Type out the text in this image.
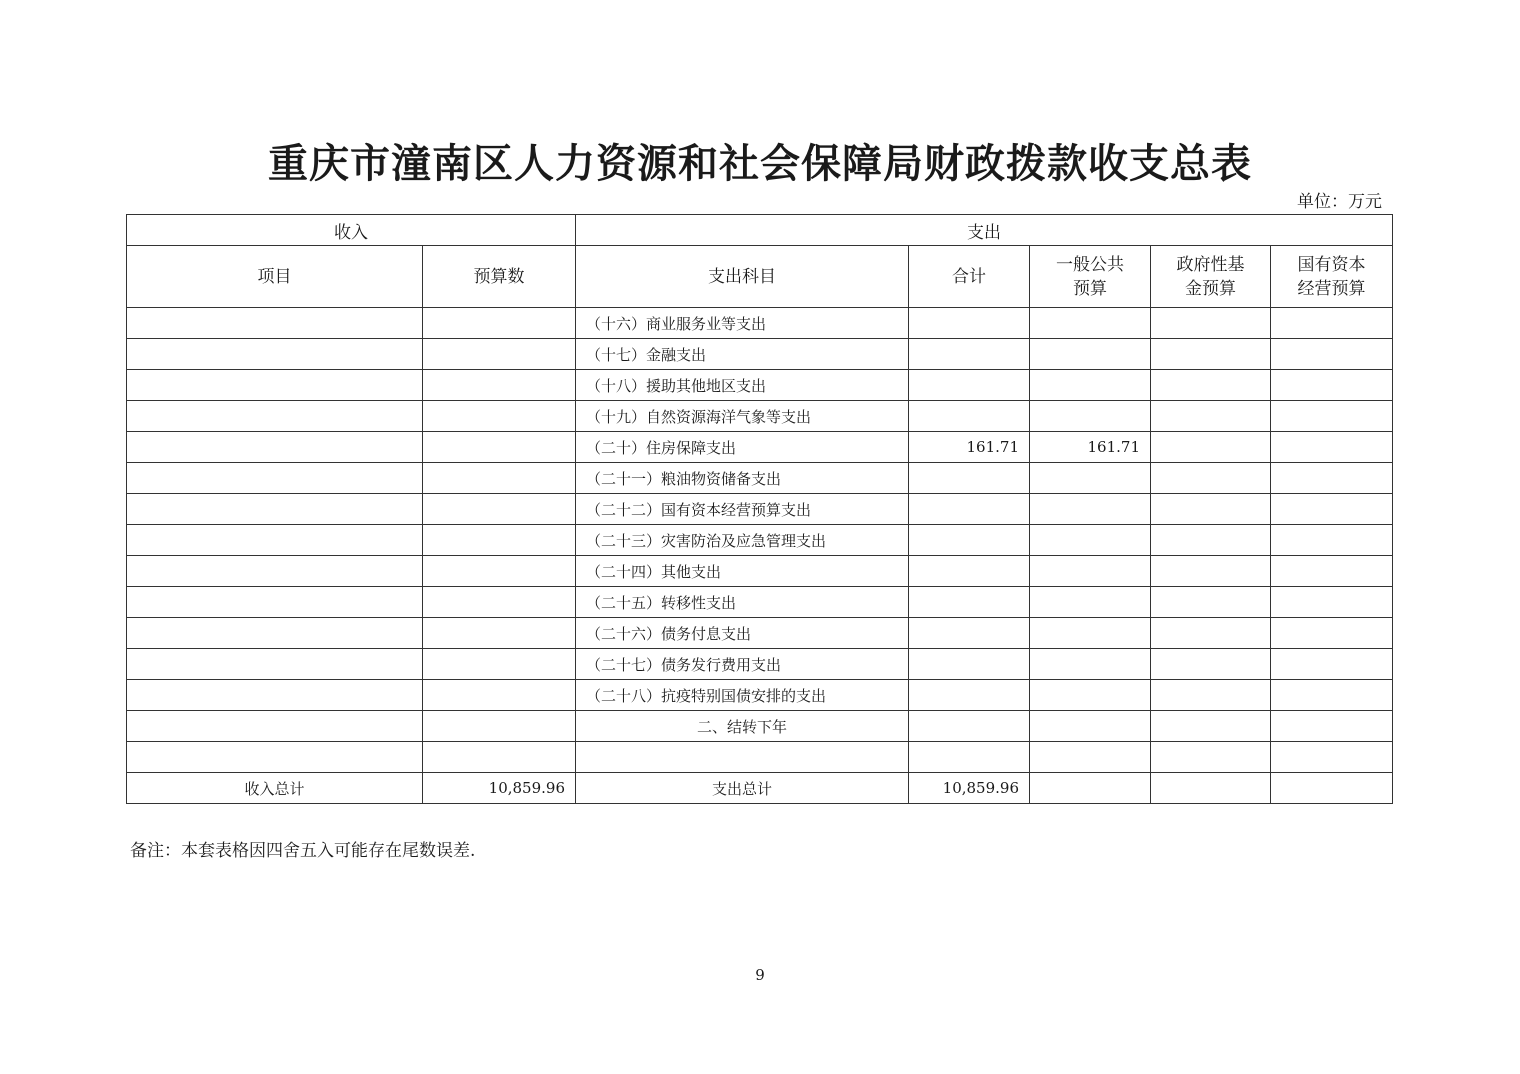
重庆市潼南区人力资源和社会保障局财政拨款收支总表
单位：万元
收入		支出				
项目	预算数	支出科目	合计	一般公共预算	政府性基金预算	国有资本经营预算
		（十六）商业服务业等支出				
		（十七）金融支出				
		（十八）援助其他地区支出				
		（十九）自然资源海洋气象等支出				
		（二十）住房保障支出	161.71	161.71		
		（二十一）粮油物资储备支出				
		（二十二）国有资本经营预算支出				
		（二十三）灾害防治及应急管理支出				
		（二十四）其他支出				
		（二十五）转移性支出				
		（二十六）债务付息支出				
		（二十七）债务发行费用支出				
		（二十八）抗疫特别国债安排的支出				
		二、结转下年				

收入总计	10,859.96	支出总计	10,859.96			
备注：本套表格因四舍五入可能存在尾数误差.
9
